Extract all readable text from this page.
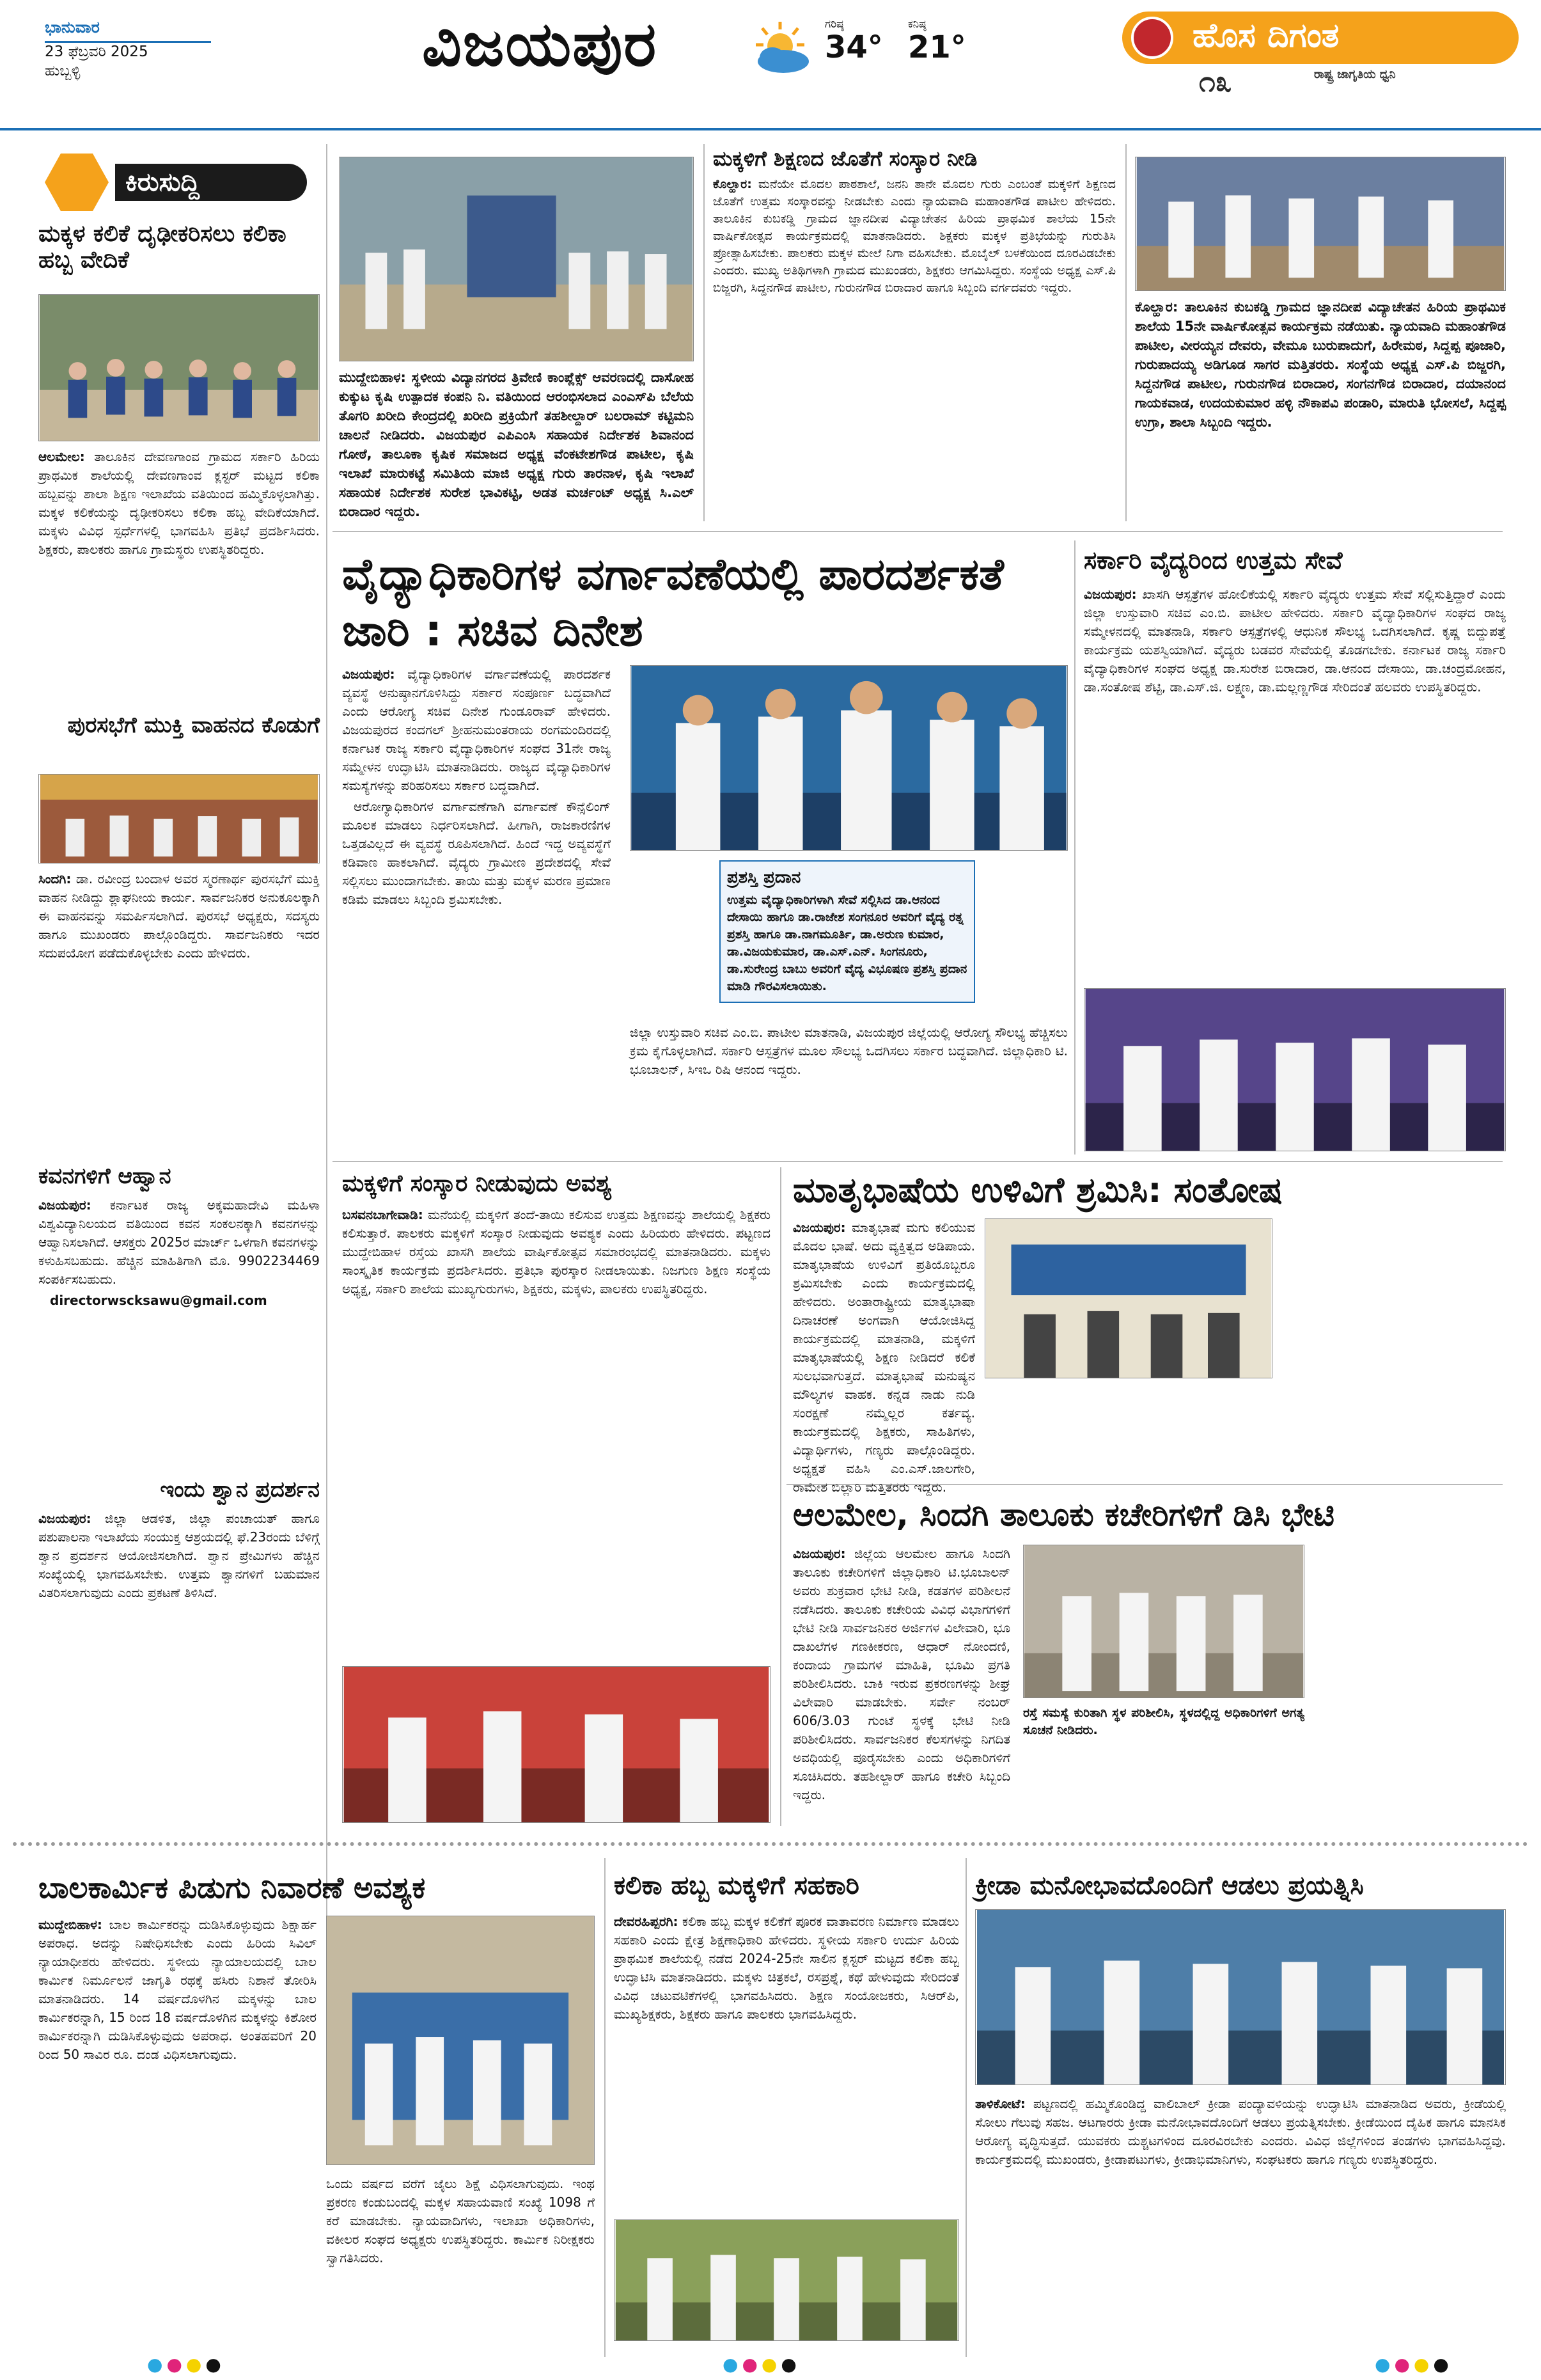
ಭಾನುವಾರ
23 ಫೆಬ್ರವರಿ 2025
ಹುಬ್ಬಳ್ಳಿ	ವಿಜಯಪುರ	ಗರಿಷ್ಠ
34°
ಕನಿಷ್ಠ
21°	ಹೊಸ ದಿಗಂತ
೧೩	ರಾಷ್ಟ್ರ ಜಾಗೃತಿಯ ಧ್ವನಿ
ಕಿರುಸುದ್ದಿ
ಮಕ್ಕಳ ಕಲಿಕೆ ದೃಢೀಕರಿಸಲು ಕಲಿಕಾ ಹಬ್ಬ ವೇದಿಕೆ

ಆಲಮೇಲ: ತಾಲೂಕಿನ ದೇವಣಗಾಂವ ಗ್ರಾಮದ ಸರ್ಕಾರಿ ಹಿರಿಯ ಪ್ರಾಥಮಿಕ ಶಾಲೆಯಲ್ಲಿ ದೇವಣಗಾಂವ ಕ್ಲಸ್ಟರ್ ಮಟ್ಟದ ಕಲಿಕಾ ಹಬ್ಬವನ್ನು ಶಾಲಾ ಶಿಕ್ಷಣ ಇಲಾಖೆಯ ವತಿಯಿಂದ ಹಮ್ಮಿಕೊಳ್ಳಲಾಗಿತ್ತು. ಮಕ್ಕಳ ಕಲಿಕೆಯನ್ನು ದೃಢೀಕರಿಸಲು ಕಲಿಕಾ ಹಬ್ಬ ವೇದಿಕೆಯಾಗಿದೆ. ಮಕ್ಕಳು ವಿವಿಧ ಸ್ಪರ್ಧೆಗಳಲ್ಲಿ ಭಾಗವಹಿಸಿ ಪ್ರತಿಭೆ ಪ್ರದರ್ಶಿಸಿದರು. ಶಿಕ್ಷಕರು, ಪಾಲಕರು ಹಾಗೂ ಗ್ರಾಮಸ್ಥರು ಉಪಸ್ಥಿತರಿದ್ದರು.

ಪುರಸಭೆಗೆ ಮುಕ್ತಿ ವಾಹನದ ಕೊಡುಗೆ

ಸಿಂದಗಿ: ಡಾ. ರವೀಂದ್ರ ಬಂದಾಳ ಅವರ ಸ್ಮರಣಾರ್ಥ ಪುರಸಭೆಗೆ ಮುಕ್ತಿ ವಾಹನ ನೀಡಿದ್ದು ಶ್ಲಾಘನೀಯ ಕಾರ್ಯ. ಸಾರ್ವಜನಿಕರ ಅನುಕೂಲಕ್ಕಾಗಿ ಈ ವಾಹನವನ್ನು ಸಮರ್ಪಿಸಲಾಗಿದೆ. ಪುರಸಭೆ ಅಧ್ಯಕ್ಷರು, ಸದಸ್ಯರು ಹಾಗೂ ಮುಖಂಡರು ಪಾಲ್ಗೊಂಡಿದ್ದರು. ಸಾರ್ವಜನಿಕರು ಇದರ ಸದುಪಯೋಗ ಪಡೆದುಕೊಳ್ಳಬೇಕು ಎಂದು ಹೇಳಿದರು.

ಕವನಗಳಿಗೆ ಆಹ್ವಾನ

ವಿಜಯಪುರ: ಕರ್ನಾಟಕ ರಾಜ್ಯ ಅಕ್ಕಮಹಾದೇವಿ ಮಹಿಳಾ ವಿಶ್ವವಿದ್ಯಾನಿಲಯದ ವತಿಯಿಂದ ಕವನ ಸಂಕಲನಕ್ಕಾಗಿ ಕವನಗಳನ್ನು ಆಹ್ವಾನಿಸಲಾಗಿದೆ. ಆಸಕ್ತರು 2025ರ ಮಾರ್ಚ್ ಒಳಗಾಗಿ ಕವನಗಳನ್ನು ಕಳುಹಿಸಬಹುದು. ಹೆಚ್ಚಿನ ಮಾಹಿತಿಗಾಗಿ ಮೊ. 9902234469 ಸಂಪರ್ಕಿಸಬಹುದು.

directorwscksawu@gmail.com

ಇಂದು ಶ್ವಾನ ಪ್ರದರ್ಶನ

ವಿಜಯಪುರ: ಜಿಲ್ಲಾ ಆಡಳಿತ, ಜಿಲ್ಲಾ ಪಂಚಾಯತ್ ಹಾಗೂ ಪಶುಪಾಲನಾ ಇಲಾಖೆಯ ಸಂಯುಕ್ತ ಆಶ್ರಯದಲ್ಲಿ ಫೆ.23ರಂದು ಬೆಳಿಗ್ಗೆ ಶ್ವಾನ ಪ್ರದರ್ಶನ ಆಯೋಜಿಸಲಾಗಿದೆ. ಶ್ವಾನ ಪ್ರೇಮಿಗಳು ಹೆಚ್ಚಿನ ಸಂಖ್ಯೆಯಲ್ಲಿ ಭಾಗವಹಿಸಬೇಕು. ಉತ್ತಮ ಶ್ವಾನಗಳಿಗೆ ಬಹುಮಾನ ವಿತರಿಸಲಾಗುವುದು ಎಂದು ಪ್ರಕಟಣೆ ತಿಳಿಸಿದೆ.

ಮುದ್ದೇಬಿಹಾಳ: ಸ್ಥಳೀಯ ವಿದ್ಯಾನಗರದ ತ್ರಿವೇಣಿ ಕಾಂಪ್ಲೆಕ್ಸ್ ಆವರಣದಲ್ಲಿ ದಾಸೋಹ ಕುಕ್ಕುಟ ಕೃಷಿ ಉತ್ಪಾದಕ ಕಂಪನಿ ನಿ. ವತಿಯಿಂದ ಆರಂಭಿಸಲಾದ ಎಂಎಸ್‌ಪಿ ಬೆಲೆಯ ತೊಗರಿ ಖರೀದಿ ಕೇಂದ್ರದಲ್ಲಿ ಖರೀದಿ ಪ್ರಕ್ರಿಯೆಗೆ ತಹಶೀಲ್ದಾರ್ ಬಲರಾಮ್ ಕಟ್ಟಿಮನಿ ಚಾಲನೆ ನೀಡಿದರು. ವಿಜಯಪುರ ಎಪಿಎಂಸಿ ಸಹಾಯಕ ನಿರ್ದೇಶಕ ಶಿವಾನಂದ ಗೋಠೆ, ತಾಲೂಕಾ ಕೃಷಿಕ ಸಮಾಜದ ಅಧ್ಯಕ್ಷ ವೆಂಕಟೇಶಗೌಡ ಪಾಟೀಲ, ಕೃಷಿ ಇಲಾಖೆ ಮಾರುಕಟ್ಟೆ ಸಮಿತಿಯ ಮಾಜಿ ಅಧ್ಯಕ್ಷ ಗುರು ತಾರನಾಳ, ಕೃಷಿ ಇಲಾಖೆ ಸಹಾಯಕ ನಿರ್ದೇಶಕ ಸುರೇಶ ಭಾವಿಕಟ್ಟಿ, ಅಡತ ಮರ್ಚಂಟ್ ಅಧ್ಯಕ್ಷ ಸಿ.ಎಲ್ ಬಿರಾದಾರ ಇದ್ದರು.
ಮಕ್ಕಳಿಗೆ ಶಿಕ್ಷಣದ ಜೊತೆಗೆ ಸಂಸ್ಕಾರ ನೀಡಿ

ಕೊಲ್ಹಾರ: ಮನೆಯೇ ಮೊದಲ ಪಾಠಶಾಲೆ, ಜನನಿ ತಾನೇ ಮೊದಲ ಗುರು ಎಂಬಂತೆ ಮಕ್ಕಳಿಗೆ ಶಿಕ್ಷಣದ ಜೊತೆಗೆ ಉತ್ತಮ ಸಂಸ್ಕಾರವನ್ನು ನೀಡಬೇಕು ಎಂದು ನ್ಯಾಯವಾದಿ ಮಹಾಂತಗೌಡ ಪಾಟೀಲ ಹೇಳಿದರು. ತಾಲೂಕಿನ ಕುಬಕಡ್ಡಿ ಗ್ರಾಮದ ಜ್ಞಾನದೀಪ ವಿದ್ಯಾಚೇತನ ಹಿರಿಯ ಪ್ರಾಥಮಿಕ ಶಾಲೆಯ 15ನೇ ವಾರ್ಷಿಕೋತ್ಸವ ಕಾರ್ಯಕ್ರಮದಲ್ಲಿ ಮಾತನಾಡಿದರು. ಶಿಕ್ಷಕರು ಮಕ್ಕಳ ಪ್ರತಿಭೆಯನ್ನು ಗುರುತಿಸಿ ಪ್ರೋತ್ಸಾಹಿಸಬೇಕು. ಪಾಲಕರು ಮಕ್ಕಳ ಮೇಲೆ ನಿಗಾ ವಹಿಸಬೇಕು. ಮೊಬೈಲ್ ಬಳಕೆಯಿಂದ ದೂರವಿಡಬೇಕು ಎಂದರು. ಮುಖ್ಯ ಅತಿಥಿಗಳಾಗಿ ಗ್ರಾಮದ ಮುಖಂಡರು, ಶಿಕ್ಷಕರು ಆಗಮಿಸಿದ್ದರು. ಸಂಸ್ಥೆಯ ಅಧ್ಯಕ್ಷ ಎಸ್.ಪಿ ಬಿಜ್ಜರಗಿ, ಸಿದ್ದನಗೌಡ ಪಾಟೀಲ, ಗುರುನಗೌಡ ಬಿರಾದಾರ ಹಾಗೂ ಸಿಬ್ಬಂದಿ ವರ್ಗದವರು ಇದ್ದರು.

ಕೊಲ್ಹಾರ: ತಾಲೂಕಿನ ಕುಬಕಡ್ಡಿ ಗ್ರಾಮದ ಜ್ಞಾನದೀಪ ವಿದ್ಯಾಚೇತನ ಹಿರಿಯ ಪ್ರಾಥಮಿಕ ಶಾಲೆಯ 15ನೇ ವಾರ್ಷಿಕೋತ್ಸವ ಕಾರ್ಯಕ್ರಮ ನಡೆಯಿತು. ನ್ಯಾಯವಾದಿ ಮಹಾಂತಗೌಡ ಪಾಟೀಲ, ವೀರಯ್ಯನ ದೇವರು, ವೇಮೂ ಬುರುಪಾದುಗೆ, ಹಿರೇಮಠ, ಸಿದ್ದಪ್ಪ ಪೂಜಾರಿ, ಗುರುಪಾದಯ್ಯ ಅಡಿಗೂಡ ಸಾಗರ ಮತ್ತಿತರರು. ಸಂಸ್ಥೆಯ ಅಧ್ಯಕ್ಷ ಎಸ್.ಪಿ ಬಿಜ್ಜರಗಿ, ಸಿದ್ದನಗೌಡ ಪಾಟೀಲ, ಗುರುನಗೌಡ ಬಿರಾದಾರ, ಸಂಗನಗೌಡ ಬಿರಾದಾರ, ದಯಾನಂದ ಗಾಯಕವಾಡ, ಉದಯಕುಮಾರ ಹಳ್ಳಿ ನೌಕಾಪವಿ ಪಂಡಾರಿ, ಮಾರುತಿ ಭೋಸಲೆ, ಸಿದ್ದಪ್ಪ ಉಗ್ರಾ, ಶಾಲಾ ಸಿಬ್ಬಂದಿ ಇದ್ದರು.
ವೈದ್ಯಾಧಿಕಾರಿಗಳ ವರ್ಗಾವಣೆಯಲ್ಲಿ ಪಾರದರ್ಶಕತೆ ಜಾರಿ : ಸಚಿವ ದಿನೇಶ

ವಿಜಯಪುರ: ವೈದ್ಯಾಧಿಕಾರಿಗಳ ವರ್ಗಾವಣೆಯಲ್ಲಿ ಪಾರದರ್ಶಕ ವ್ಯವಸ್ಥೆ ಅನುಷ್ಠಾನಗೊಳಿಸಿದ್ದು ಸರ್ಕಾರ ಸಂಪೂರ್ಣ ಬದ್ಧವಾಗಿದೆ ಎಂದು ಆರೋಗ್ಯ ಸಚಿವ ದಿನೇಶ ಗುಂಡೂರಾವ್ ಹೇಳಿದರು. ವಿಜಯಪುರದ ಕಂದಗಲ್ ಶ್ರೀಹನುಮಂತರಾಯ ರಂಗಮಂದಿರದಲ್ಲಿ ಕರ್ನಾಟಕ ರಾಜ್ಯ ಸರ್ಕಾರಿ ವೈದ್ಯಾಧಿಕಾರಿಗಳ ಸಂಘದ 31ನೇ ರಾಜ್ಯ ಸಮ್ಮೇಳನ ಉದ್ಘಾಟಿಸಿ ಮಾತನಾಡಿದರು. ರಾಜ್ಯದ ವೈದ್ಯಾಧಿಕಾರಿಗಳ ಸಮಸ್ಯೆಗಳನ್ನು ಪರಿಹರಿಸಲು ಸರ್ಕಾರ ಬದ್ಧವಾಗಿದೆ.

ಆರೋಗ್ಯಾಧಿಕಾರಿಗಳ ವರ್ಗಾವಣೆಗಾಗಿ ವರ್ಗಾವಣೆ ಕೌನ್ಸೆಲಿಂಗ್ ಮೂಲಕ ಮಾಡಲು ನಿರ್ಧರಿಸಲಾಗಿದೆ. ಹೀಗಾಗಿ, ರಾಜಕಾರಣಿಗಳ ಒತ್ತಡವಿಲ್ಲದೆ ಈ ವ್ಯವಸ್ಥೆ ರೂಪಿಸಲಾಗಿದೆ. ಹಿಂದೆ ಇದ್ದ ಅವ್ಯವಸ್ಥೆಗೆ ಕಡಿವಾಣ ಹಾಕಲಾಗಿದೆ. ವೈದ್ಯರು ಗ್ರಾಮೀಣ ಪ್ರದೇಶದಲ್ಲಿ ಸೇವೆ ಸಲ್ಲಿಸಲು ಮುಂದಾಗಬೇಕು. ತಾಯಿ ಮತ್ತು ಮಕ್ಕಳ ಮರಣ ಪ್ರಮಾಣ ಕಡಿಮೆ ಮಾಡಲು ಸಿಬ್ಬಂದಿ ಶ್ರಮಿಸಬೇಕು.

ಪ್ರಶಸ್ತಿ ಪ್ರದಾನ
ಉತ್ತಮ ವೈದ್ಯಾಧಿಕಾರಿಗಳಾಗಿ ಸೇವೆ ಸಲ್ಲಿಸಿದ ಡಾ.ಆನಂದ ದೇಸಾಯಿ ಹಾಗೂ ಡಾ.ರಾಜೇಶ ಸಂಗನೂರ ಅವರಿಗೆ ವೈದ್ಯ ರತ್ನ ಪ್ರಶಸ್ತಿ ಹಾಗೂ ಡಾ.ನಾಗಮೂರ್ತಿ, ಡಾ.ಅರುಣ ಕುಮಾರ, ಡಾ.ವಿಜಯಕುಮಾರ, ಡಾ.ಎಸ್.ಎನ್. ಸಿಂಗನೂರು, ಡಾ.ಸುರೇಂದ್ರ ಬಾಬು ಅವರಿಗೆ ವೈದ್ಯ ವಿಭೂಷಣ ಪ್ರಶಸ್ತಿ ಪ್ರದಾನ ಮಾಡಿ ಗೌರವಿಸಲಾಯಿತು.

ಜಿಲ್ಲಾ ಉಸ್ತುವಾರಿ ಸಚಿವ ಎಂ.ಬಿ. ಪಾಟೀಲ ಮಾತನಾಡಿ, ವಿಜಯಪುರ ಜಿಲ್ಲೆಯಲ್ಲಿ ಆರೋಗ್ಯ ಸೌಲಭ್ಯ ಹೆಚ್ಚಿಸಲು ಕ್ರಮ ಕೈಗೊಳ್ಳಲಾಗಿದೆ. ಸರ್ಕಾರಿ ಆಸ್ಪತ್ರೆಗಳ ಮೂಲ ಸೌಲಭ್ಯ ಒದಗಿಸಲು ಸರ್ಕಾರ ಬದ್ಧವಾಗಿದೆ. ಜಿಲ್ಲಾಧಿಕಾರಿ ಟಿ. ಭೂಬಾಲನ್, ಸಿಇಒ ರಿಷಿ ಆನಂದ ಇದ್ದರು.

ಸರ್ಕಾರಿ ವೈದ್ಯರಿಂದ ಉತ್ತಮ ಸೇವೆ

ವಿಜಯಪುರ: ಖಾಸಗಿ ಆಸ್ಪತ್ರೆಗಳ ಹೋಲಿಕೆಯಲ್ಲಿ ಸರ್ಕಾರಿ ವೈದ್ಯರು ಉತ್ತಮ ಸೇವೆ ಸಲ್ಲಿಸುತ್ತಿದ್ದಾರೆ ಎಂದು ಜಿಲ್ಲಾ ಉಸ್ತುವಾರಿ ಸಚಿವ ಎಂ.ಬಿ. ಪಾಟೀಲ ಹೇಳಿದರು. ಸರ್ಕಾರಿ ವೈದ್ಯಾಧಿಕಾರಿಗಳ ಸಂಘದ ರಾಜ್ಯ ಸಮ್ಮೇಳನದಲ್ಲಿ ಮಾತನಾಡಿ, ಸರ್ಕಾರಿ ಆಸ್ಪತ್ರೆಗಳಲ್ಲಿ ಆಧುನಿಕ ಸೌಲಭ್ಯ ಒದಗಿಸಲಾಗಿದೆ. ಕೃಷ್ಣ ಬಿದ್ದುಪತ್ತೆ ಕಾರ್ಯಕ್ರಮ ಯಶಸ್ವಿಯಾಗಿದೆ. ವೈದ್ಯರು ಬಡವರ ಸೇವೆಯಲ್ಲಿ ತೊಡಗಬೇಕು. ಕರ್ನಾಟಕ ರಾಜ್ಯ ಸರ್ಕಾರಿ ವೈದ್ಯಾಧಿಕಾರಿಗಳ ಸಂಘದ ಅಧ್ಯಕ್ಷ ಡಾ.ಸುರೇಶ ಬಿರಾದಾರ, ಡಾ.ಆನಂದ ದೇಸಾಯಿ, ಡಾ.ಚಂದ್ರಮೋಹನ, ಡಾ.ಸಂತೋಷ ಶೆಟ್ಟಿ, ಡಾ.ಎಸ್.ಜಿ. ಲಕ್ಷ್ಮಣ, ಡಾ.ಮಲ್ಲಣ್ಣಗೌಡ ಸೇರಿದಂತೆ ಹಲವರು ಉಪಸ್ಥಿತರಿದ್ದರು.

ಮಕ್ಕಳಿಗೆ ಸಂಸ್ಕಾರ ನೀಡುವುದು ಅವಶ್ಯ

ಬಸವನಬಾಗೇವಾಡಿ: ಮನೆಯಲ್ಲಿ ಮಕ್ಕಳಿಗೆ ತಂದೆ-ತಾಯಿ ಕಲಿಸುವ ಉತ್ತಮ ಶಿಕ್ಷಣವನ್ನು ಶಾಲೆಯಲ್ಲಿ ಶಿಕ್ಷಕರು ಕಲಿಸುತ್ತಾರೆ. ಪಾಲಕರು ಮಕ್ಕಳಿಗೆ ಸಂಸ್ಕಾರ ನೀಡುವುದು ಅವಶ್ಯಕ ಎಂದು ಹಿರಿಯರು ಹೇಳಿದರು. ಪಟ್ಟಣದ ಮುದ್ದೇಬಿಹಾಳ ರಸ್ತೆಯ ಖಾಸಗಿ ಶಾಲೆಯ ವಾರ್ಷಿಕೋತ್ಸವ ಸಮಾರಂಭದಲ್ಲಿ ಮಾತನಾಡಿದರು. ಮಕ್ಕಳು ಸಾಂಸ್ಕೃತಿಕ ಕಾರ್ಯಕ್ರಮ ಪ್ರದರ್ಶಿಸಿದರು. ಪ್ರತಿಭಾ ಪುರಸ್ಕಾರ ನೀಡಲಾಯಿತು. ನಿಜಗುಣ ಶಿಕ್ಷಣ ಸಂಸ್ಥೆಯ ಅಧ್ಯಕ್ಷ, ಸರ್ಕಾರಿ ಶಾಲೆಯ ಮುಖ್ಯಗುರುಗಳು, ಶಿಕ್ಷಕರು, ಮಕ್ಕಳು, ಪಾಲಕರು ಉಪಸ್ಥಿತರಿದ್ದರು.

ಮಾತೃಭಾಷೆಯ ಉಳಿವಿಗೆ ಶ್ರಮಿಸಿ: ಸಂತೋಷ

ವಿಜಯಪುರ: ಮಾತೃಭಾಷೆ ಮಗು ಕಲಿಯುವ ಮೊದಲ ಭಾಷೆ. ಅದು ವ್ಯಕ್ತಿತ್ವದ ಅಡಿಪಾಯ. ಮಾತೃಭಾಷೆಯ ಉಳಿವಿಗೆ ಪ್ರತಿಯೊಬ್ಬರೂ ಶ್ರಮಿಸಬೇಕು ಎಂದು ಕಾರ್ಯಕ್ರಮದಲ್ಲಿ ಹೇಳಿದರು. ಅಂತಾರಾಷ್ಟ್ರೀಯ ಮಾತೃಭಾಷಾ ದಿನಾಚರಣೆ ಅಂಗವಾಗಿ ಆಯೋಜಿಸಿದ್ದ ಕಾರ್ಯಕ್ರಮದಲ್ಲಿ ಮಾತನಾಡಿ, ಮಕ್ಕಳಿಗೆ ಮಾತೃಭಾಷೆಯಲ್ಲಿ ಶಿಕ್ಷಣ ನೀಡಿದರೆ ಕಲಿಕೆ ಸುಲಭವಾಗುತ್ತದೆ. ಮಾತೃಭಾಷೆ ಮನುಷ್ಯನ ಮೌಲ್ಯಗಳ ವಾಹಕ. ಕನ್ನಡ ನಾಡು ನುಡಿ ಸಂರಕ್ಷಣೆ ನಮ್ಮೆಲ್ಲರ ಕರ್ತವ್ಯ. ಕಾರ್ಯಕ್ರಮದಲ್ಲಿ ಶಿಕ್ಷಕರು, ಸಾಹಿತಿಗಳು, ವಿದ್ಯಾರ್ಥಿಗಳು, ಗಣ್ಯರು ಪಾಲ್ಗೊಂಡಿದ್ದರು. ಅಧ್ಯಕ್ಷತೆ ವಹಿಸಿ ಎಂ.ಎಸ್.ಜಾಲಗೇರಿ, ರಾಮೇಶ ಬಿಲ್ಲಾರಿ ಮತ್ತಿತರರು ಇದ್ದರು.

ಆಲಮೇಲ, ಸಿಂದಗಿ ತಾಲೂಕು ಕಚೇರಿಗಳಿಗೆ ಡಿಸಿ ಭೇಟಿ

ವಿಜಯಪುರ: ಜಿಲ್ಲೆಯ ಆಲಮೇಲ ಹಾಗೂ ಸಿಂದಗಿ ತಾಲೂಕು ಕಚೇರಿಗಳಿಗೆ ಜಿಲ್ಲಾಧಿಕಾರಿ ಟಿ.ಭೂಬಾಲನ್ ಅವರು ಶುಕ್ರವಾರ ಭೇಟಿ ನೀಡಿ, ಕಡತಗಳ ಪರಿಶೀಲನೆ ನಡೆಸಿದರು. ತಾಲೂಕು ಕಚೇರಿಯ ವಿವಿಧ ವಿಭಾಗಗಳಿಗೆ ಭೇಟಿ ನೀಡಿ ಸಾರ್ವಜನಿಕರ ಅರ್ಜಿಗಳ ವಿಲೇವಾರಿ, ಭೂ ದಾಖಲೆಗಳ ಗಣಕೀಕರಣ, ಆಧಾರ್ ನೋಂದಣಿ, ಕಂದಾಯ ಗ್ರಾಮಗಳ ಮಾಹಿತಿ, ಭೂಮಿ ಪ್ರಗತಿ ಪರಿಶೀಲಿಸಿದರು. ಬಾಕಿ ಇರುವ ಪ್ರಕರಣಗಳನ್ನು ಶೀಘ್ರ ವಿಲೇವಾರಿ ಮಾಡಬೇಕು. ಸರ್ವೇ ನಂಬರ್ 606/3.03 ಗುಂಟೆ ಸ್ಥಳಕ್ಕೆ ಭೇಟಿ ನೀಡಿ ಪರಿಶೀಲಿಸಿದರು. ಸಾರ್ವಜನಿಕರ ಕೆಲಸಗಳನ್ನು ನಿಗದಿತ ಅವಧಿಯಲ್ಲಿ ಪೂರೈಸಬೇಕು ಎಂದು ಅಧಿಕಾರಿಗಳಿಗೆ ಸೂಚಿಸಿದರು. ತಹಶೀಲ್ದಾರ್ ಹಾಗೂ ಕಚೇರಿ ಸಿಬ್ಬಂದಿ ಇದ್ದರು.

ರಸ್ತೆ ಸಮಸ್ಯೆ ಕುರಿತಾಗಿ ಸ್ಥಳ ಪರಿಶೀಲಿಸಿ, ಸ್ಥಳದಲ್ಲಿದ್ದ ಅಧಿಕಾರಿಗಳಿಗೆ ಅಗತ್ಯ ಸೂಚನೆ ನೀಡಿದರು.
ಬಾಲಕಾರ್ಮಿಕ ಪಿಡುಗು ನಿವಾರಣೆ ಅವಶ್ಯಕ

ಮುದ್ದೇಬಿಹಾಳ: ಬಾಲ ಕಾರ್ಮಿಕರನ್ನು ದುಡಿಸಿಕೊಳ್ಳುವುದು ಶಿಕ್ಷಾರ್ಹ ಅಪರಾಧ. ಅದನ್ನು ನಿಷೇಧಿಸಬೇಕು ಎಂದು ಹಿರಿಯ ಸಿವಿಲ್ ನ್ಯಾಯಾಧೀಶರು ಹೇಳಿದರು. ಸ್ಥಳೀಯ ನ್ಯಾಯಾಲಯದಲ್ಲಿ ಬಾಲ ಕಾರ್ಮಿಕ ನಿರ್ಮೂಲನೆ ಜಾಗೃತಿ ರಥಕ್ಕೆ ಹಸಿರು ನಿಶಾನೆ ತೋರಿಸಿ ಮಾತನಾಡಿದರು. 14 ವರ್ಷದೊಳಗಿನ ಮಕ್ಕಳನ್ನು ಬಾಲ ಕಾರ್ಮಿಕರನ್ನಾಗಿ, 15 ರಿಂದ 18 ವರ್ಷದೊಳಗಿನ ಮಕ್ಕಳನ್ನು ಕಿಶೋರ ಕಾರ್ಮಿಕರನ್ನಾಗಿ ದುಡಿಸಿಕೊಳ್ಳುವುದು ಅಪರಾಧ. ಅಂತಹವರಿಗೆ 20 ರಿಂದ 50 ಸಾವಿರ ರೂ. ದಂಡ ವಿಧಿಸಲಾಗುವುದು.

ಒಂದು ವರ್ಷದ ವರೆಗೆ ಜೈಲು ಶಿಕ್ಷೆ ವಿಧಿಸಲಾಗುವುದು. ಇಂಥ ಪ್ರಕರಣ ಕಂಡುಬಂದಲ್ಲಿ ಮಕ್ಕಳ ಸಹಾಯವಾಣಿ ಸಂಖ್ಯೆ 1098 ಗೆ ಕರೆ ಮಾಡಬೇಕು. ನ್ಯಾಯವಾದಿಗಳು, ಇಲಾಖಾ ಅಧಿಕಾರಿಗಳು, ವಕೀಲರ ಸಂಘದ ಅಧ್ಯಕ್ಷರು ಉಪಸ್ಥಿತರಿದ್ದರು. ಕಾರ್ಮಿಕ ನಿರೀಕ್ಷಕರು ಸ್ವಾಗತಿಸಿದರು.

ಕಲಿಕಾ ಹಬ್ಬ ಮಕ್ಕಳಿಗೆ ಸಹಕಾರಿ

ದೇವರಹಿಪ್ಪರಗಿ: ಕಲಿಕಾ ಹಬ್ಬ ಮಕ್ಕಳ ಕಲಿಕೆಗೆ ಪೂರಕ ವಾತಾವರಣ ನಿರ್ಮಾಣ ಮಾಡಲು ಸಹಕಾರಿ ಎಂದು ಕ್ಷೇತ್ರ ಶಿಕ್ಷಣಾಧಿಕಾರಿ ಹೇಳಿದರು. ಸ್ಥಳೀಯ ಸರ್ಕಾರಿ ಉರ್ದು ಹಿರಿಯ ಪ್ರಾಥಮಿಕ ಶಾಲೆಯಲ್ಲಿ ನಡೆದ 2024-25ನೇ ಸಾಲಿನ ಕ್ಲಸ್ಟರ್ ಮಟ್ಟದ ಕಲಿಕಾ ಹಬ್ಬ ಉದ್ಘಾಟಿಸಿ ಮಾತನಾಡಿದರು. ಮಕ್ಕಳು ಚಿತ್ರಕಲೆ, ರಸಪ್ರಶ್ನೆ, ಕಥೆ ಹೇಳುವುದು ಸೇರಿದಂತೆ ವಿವಿಧ ಚಟುವಟಿಕೆಗಳಲ್ಲಿ ಭಾಗವಹಿಸಿದರು. ಶಿಕ್ಷಣ ಸಂಯೋಜಕರು, ಸಿಆರ್‌ಪಿ, ಮುಖ್ಯಶಿಕ್ಷಕರು, ಶಿಕ್ಷಕರು ಹಾಗೂ ಪಾಲಕರು ಭಾಗವಹಿಸಿದ್ದರು.

ಕ್ರೀಡಾ ಮನೋಭಾವದೊಂದಿಗೆ ಆಡಲು ಪ್ರಯತ್ನಿಸಿ

ತಾಳಿಕೋಟೆ: ಪಟ್ಟಣದಲ್ಲಿ ಹಮ್ಮಿಕೊಂಡಿದ್ದ ವಾಲಿಬಾಲ್ ಕ್ರೀಡಾ ಪಂದ್ಯಾವಳಿಯನ್ನು ಉದ್ಘಾಟಿಸಿ ಮಾತನಾಡಿದ ಅವರು, ಕ್ರೀಡೆಯಲ್ಲಿ ಸೋಲು ಗೆಲುವು ಸಹಜ. ಆಟಗಾರರು ಕ್ರೀಡಾ ಮನೋಭಾವದೊಂದಿಗೆ ಆಡಲು ಪ್ರಯತ್ನಿಸಬೇಕು. ಕ್ರೀಡೆಯಿಂದ ದೈಹಿಕ ಹಾಗೂ ಮಾನಸಿಕ ಆರೋಗ್ಯ ವೃದ್ಧಿಸುತ್ತದೆ. ಯುವಕರು ದುಶ್ಚಟಗಳಿಂದ ದೂರವಿರಬೇಕು ಎಂದರು. ವಿವಿಧ ಜಿಲ್ಲೆಗಳಿಂದ ತಂಡಗಳು ಭಾಗವಹಿಸಿದ್ದವು. ಕಾರ್ಯಕ್ರಮದಲ್ಲಿ ಮುಖಂಡರು, ಕ್ರೀಡಾಪಟುಗಳು, ಕ್ರೀಡಾಭಿಮಾನಿಗಳು, ಸಂಘಟಕರು ಹಾಗೂ ಗಣ್ಯರು ಉಪಸ್ಥಿತರಿದ್ದರು.

●●●●	●●●●	●●●●
